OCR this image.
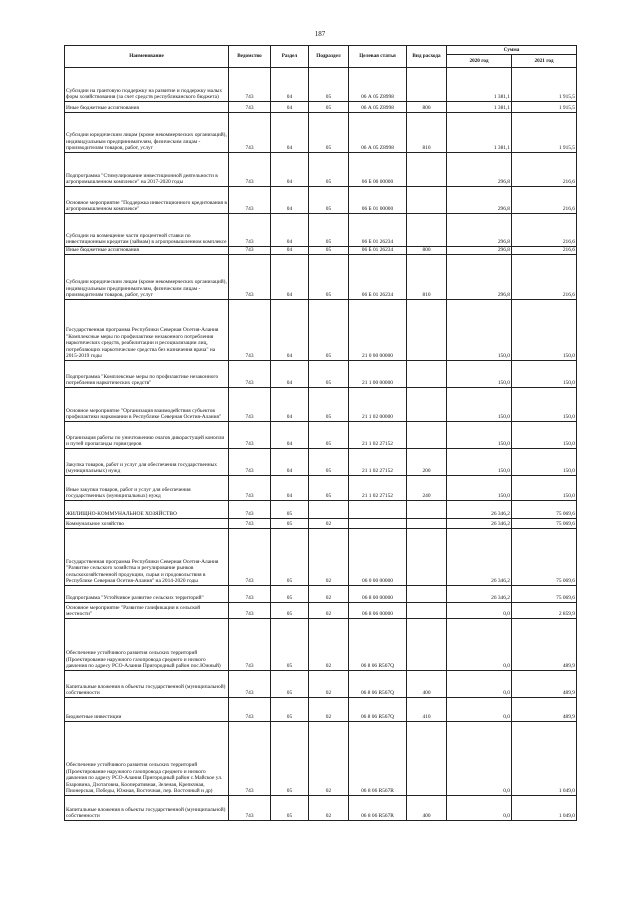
187
Наименование	Ведомство	Раздел	Подраздел	Целевая статья	Вид расхода	Сумма	
						2020 год	2021 год
Субсидии на грантовую поддержку на развитие и поддержку малых форм хозяйствования (за счет средств республиканского бюджета)	743	04	05	06 А 05 Z8998		1 381,1	1 915,5
Иные бюджетные ассигнования	743	04	05	06 А 05 Z8998	800	1 381,1	1 915,5
Субсидии юридическим лицам (кроме некоммерческих организаций), индивидуальным предпринимателям, физическим лицам - производителям товаров, работ, услуг	743	04	05	06 А 05 Z8998	810	1 381,1	1 915,5
Подпрограмма "Стимулирование инвестиционной деятельности в агропромышленном комплексе" на 2017-2020 годы	743	04	05	06 Б 00 00000		296,8	216,6
Основное мероприятие "Поддержка инвестиционного кредитования в агропромышленном комплексе"	743	04	05	06 Б 01 00000		296,8	216,6
Субсидии на возмещение части процентной ставки по инвестиционным кредитам (займам) в агропромышленном комплексе	743	04	05	06 Б 01 26234		296,8	216,6
Иные бюджетные ассигнования	743	04	05	06 Б 01 26234	800	296,8	216,6
Субсидии юридическим лицам (кроме некоммерческих организаций), индивидуальным предпринимателям, физическим лицам - производителям товаров, работ, услуг	743	04	05	06 Б 01 26234	810	296,8	216,6
Государственная программа Республики Северная Осетия-Алания "Комплексные меры по профилактике незаконного потребления наркотических средств, реабилитации и ресоциализации лиц, потребляющих наркотические средства без назначения врача" на 2015-2019 годы	743	04	05	21 0 00 00000		150,0	150,0
Подпрограмма "Комплексные меры по профилактике незаконного потребления наркотических средств"	743	04	05	21 1 00 00000		150,0	150,0
Основное мероприятие "Организация взаимодействия субъектов профилактики наркомании в Республике Северная Осетия-Алания"	743	04	05	21 1 02 00000		150,0	150,0
Организация работы по уничтожению очагов дикорастущей конопли и путей пропаганды горвигдеров	743	04	05	21 1 02 27152		150,0	150,0
Закупка товаров, работ и услуг для обеспечения государственных (муниципальных) нужд	743	04	05	21 1 02 27152	200	150,0	150,0
Иные закупки товаров, работ и услуг для обеспечения государственных (муниципальных) нужд	743	04	05	21 1 02 27152	240	150,0	150,0
ЖИЛИЩНО-КОММУНАЛЬНОЕ ХОЗЯЙСТВО	743	05				26 346,2	75 069,6
Коммунальное хозяйство	743	05	02			26 346,2	75 069,6
Государственная программа Республики Северная Осетия-Алания "Развитие сельского хозяйства и регулирование рынков сельскохозяйственной продукции, сырья и продовольствия в Республике Северная Осетия-Алания" на 2014-2020 годы	743	05	02	06 0 00 00000		26 346,2	75 069,6
Подпрограмма "Устойчивое развитие сельских территорий"	743	05	02	06 8 00 00000		26 346,2	75 069,6
Основное мероприятие "Развитие газификации в сельской местности"	743	05	02	06 8 06 00000		0,0	2 859,9
Обеспечение устойчивого развития сельских территорий (Проектирование наружного газопровода среднего и низкого давления по адресу РСО-Алания Пригородный район пос.Южный)	743	05	02	06 8 06 R567Q		0,0	489,9
Капитальные вложения в объекты государственной (муниципальной) собственности	743	05	02	06 8 06 R567Q	400	0,0	489,9
Бюджетные инвестиции	743	05	02	06 8 06 R567Q	410	0,0	489,9
Обеспечение устойчивого развития сельских территорий (Проектирование наружного газопровода среднего и низкого давления по адресу РСО-Алания Пригородный район с.Майское ул. Бзаровина, Дзотаговна, Кооперативная, Зеленая, Крепкчная, Пионерская, Победы, Южная, Восточная, пер. Восточный и др)	743	05	02	06 8 06 R567R		0,0	1 049,0
Капитальные вложения в объекты государственной (муниципальной) собственности	743	05	02	06 8 06 R567R	400	0,0	1 049,0
